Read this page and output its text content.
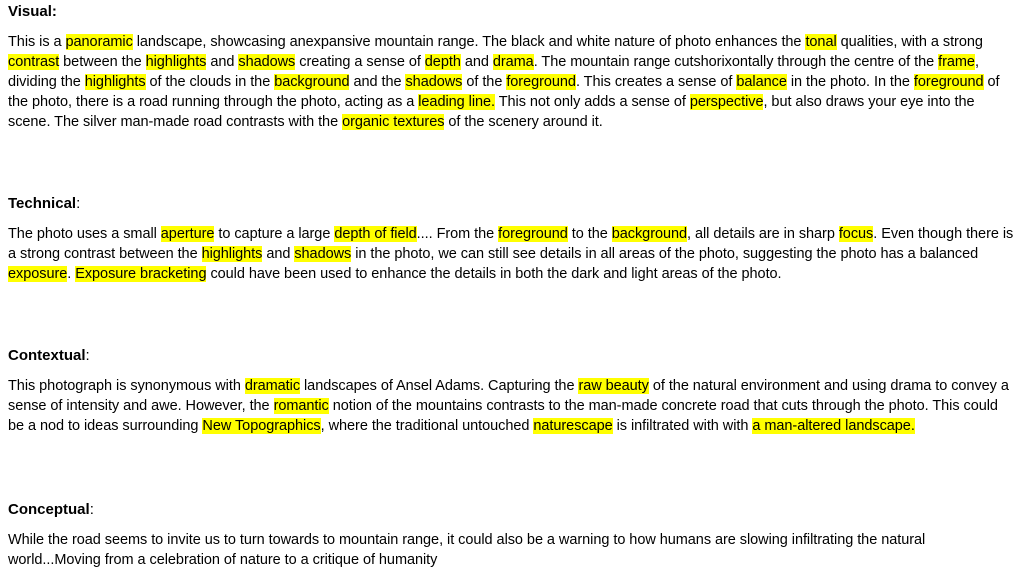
Visual:

This is a panoramic landscape, showcasing anexpansive mountain range. The black and white nature of photo enhances the tonal qualities, with a strong contrast between the highlights and shadows creating a sense of depth and drama. The mountain range cutshorixontally through the centre of the frame, dividing the highlights of the clouds in the background and the shadows of the foreground. This creates a sense of balance in the photo. In the foreground of the photo, there is a road running through the photo, acting as a leading line. This not only adds a sense of perspective, but also draws your eye into the scene. The silver man-made road contrasts with the organic textures of the scenery around it.

Technical:

The photo uses a small aperture to capture a large depth of field.... From the foreground to the background, all details are in sharp focus. Even though there is a strong contrast between the highlights and shadows in the photo, we can still see details in all areas of the photo, suggesting the photo has a balanced exposure. Exposure bracketing could have been used to enhance the details in both the dark and light areas of the photo.

Contextual:

This photograph is synonymous with dramatic landscapes of Ansel Adams. Capturing the raw beauty of the natural environment and using drama to convey a sense of intensity and awe. However, the romantic notion of the mountains contrasts to the man-made concrete road that cuts through the photo. This could be a nod to ideas surrounding New Topographics, where the traditional untouched naturescape is infiltrated with with a man-altered landscape.

Conceptual:

While the road seems to invite us to turn towards to mountain range, it could also be a warning to how humans are slowing infiltrating the natural world...Moving from a celebration of nature to a critique of humanity
